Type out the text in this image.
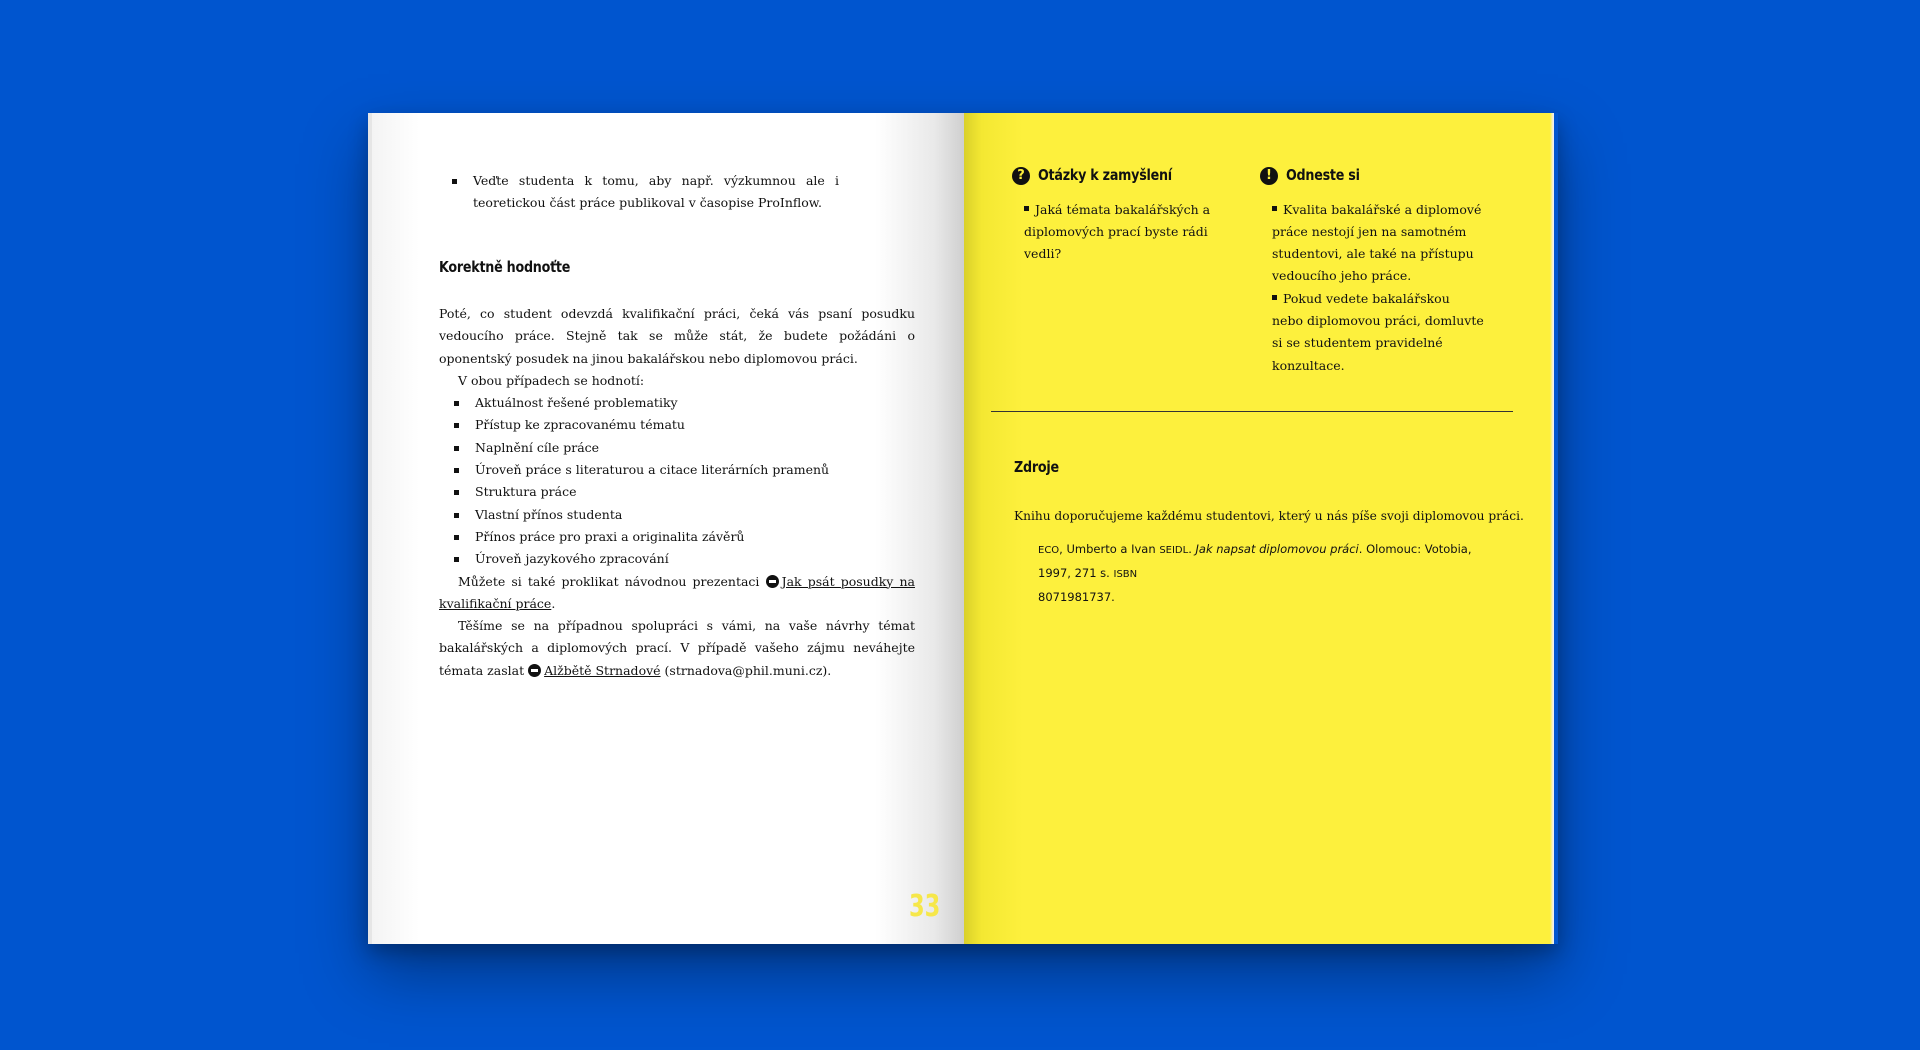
Veďte studenta k tomu, aby např. výzkumnou ale i teoretickou část práce publikoval v časopise ProInflow.
Korektně hodnoťte

Poté, co student odevzdá kvalifikační práci, čeká vás psaní posudku vedoucího práce. Stejně tak se může stát, že budete požádáni o oponentský posudek na jinou bakalářskou nebo diplomovou práci.

V obou případech se hodnotí:

Aktuálnost řešené problematiky
Přístup ke zpracovanému tématu
Naplnění cíle práce
Úroveň práce s literaturou a citace literárních pramenů
Struktura práce
Vlastní přínos studenta
Přínos práce pro praxi a originalita závěrů
Úroveň jazykového zpracování

Můžete si také proklikat návodnou prezentaci Jak psát posudky na kvalifikační práce.

Těšíme se na případnou spolupráci s vámi, na vaše návrhy témat bakalářských a diplomových prací. V případě vašeho zájmu neváhejte témata zaslat Alžbětě Strnadové (strnadova@phil.muni.cz).

33
? Otázky k zamyšlení
Jaká témata bakalářských a diplomových prací byste rádi vedli?
! Odneste si
Kvalita bakalářské a diplomové práce nestojí jen na samotném studentovi, ale také na přístupu vedoucího jeho práce.
Pokud vedete bakalářskou nebo diplomovou práci, domluvte si se studentem pravidelné konzultace.
Zdroje

Knihu doporučujeme každému studentovi, který u nás píše svoji diplomovou práci.

ECO, Umberto a Ivan SEIDL. Jak napsat diplomovou práci. Olomouc: Votobia, 1997, 271 s. ISBN
8071981737.
